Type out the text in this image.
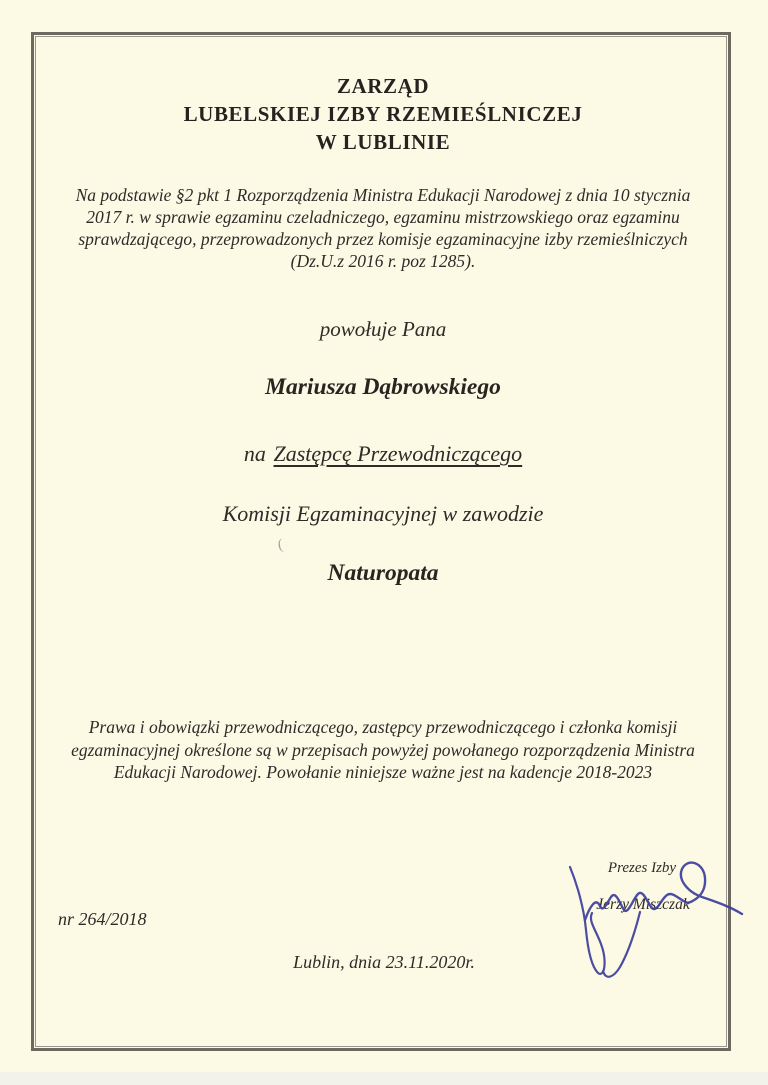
ZARZĄD
LUBELSKIEJ IZBY RZEMIEŚLNICZEJ
W LUBLINIE
Na podstawie §2 pkt 1 Rozporządzenia Ministra Edukacji Narodowej z dnia 10 stycznia
2017 r. w sprawie egzaminu czeladniczego, egzaminu mistrzowskiego oraz egzaminu
sprawdzającego, przeprowadzonych przez komisje egzaminacyjne izby rzemieślniczych
(Dz.U.z 2016 r. poz 1285).
powołuje Pana
Mariusza Dąbrowskiego
na Zastępcę Przewodniczącego
Komisji Egzaminacyjnej w zawodzie
Naturopata
Prawa i obowiązki przewodniczącego, zastępcy przewodniczącego i członka komisji
egzaminacyjnej określone są w przepisach powyżej powołanego rozporządzenia Ministra
Edukacji Narodowej. Powołanie niniejsze ważne jest na kadencje 2018-2023
(
Prezes Izby
Jerzy Miszczak
nr 264/2018
Lublin, dnia 23.11.2020r.
